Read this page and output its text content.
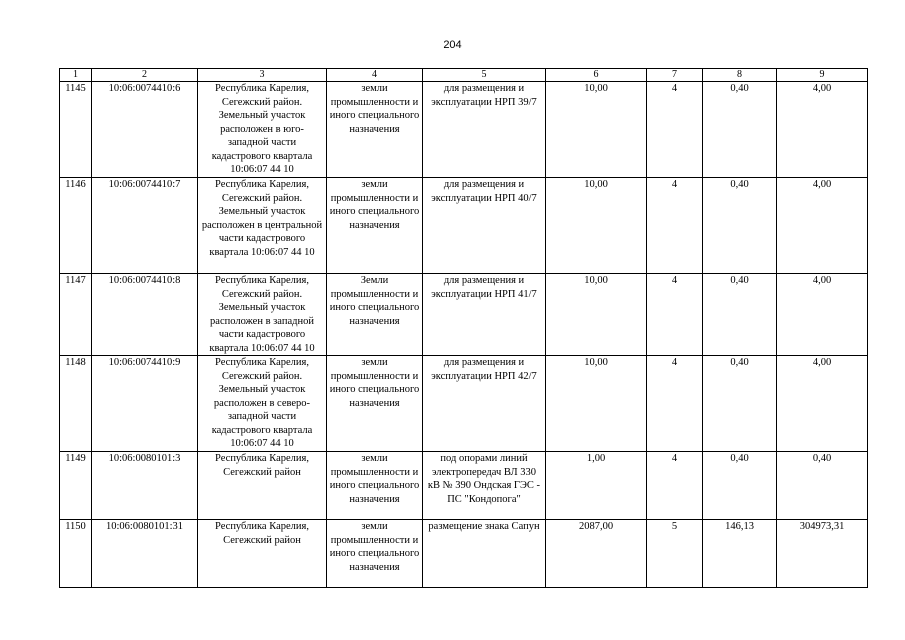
204
1	2	3	4	5	6	7	8	9
1145	10:06:0074410:6	Республика Карелия, Сегежский район. Земельный участок расположен в юго-западной части кадастрового квартала 10:06:07 44 10	земли промышленности и иного специального назначения	для размещения и эксплуатации НРП 39/7	10,00	4	0,40	4,00
1146	10:06:0074410:7	Республика Карелия, Сегежский район. Земельный участок расположен в центральной части кадастрового квартала 10:06:07 44 10	земли промышленности и иного специального назначения	для размещения и эксплуатации НРП 40/7	10,00	4	0,40	4,00
1147	10:06:0074410:8	Республика Карелия, Сегежский район. Земельный участок расположен в западной части кадастрового квартала 10:06:07 44 10	Земли промышленности и иного специального назначения	для размещения и эксплуатации НРП 41/7	10,00	4	0,40	4,00
1148	10:06:0074410:9	Республика Карелия, Сегежский район. Земельный участок расположен в северо-западной части кадастрового квартала 10:06:07 44 10	земли промышленности и иного специального назначения	для размещения и эксплуатации НРП 42/7	10,00	4	0,40	4,00
1149	10:06:0080101:3	Республика Карелия, Сегежский район	земли промышленности и иного специального назначения	под опорами линий электропередач ВЛ 330 кВ № 390 Ондская ГЭС - ПС "Кондопога"	1,00	4	0,40	0,40
1150	10:06:0080101:31	Республика Карелия, Сегежский район	земли промышленности и иного специального назначения	размещение знака Сапун	2087,00	5	146,13	304973,31
